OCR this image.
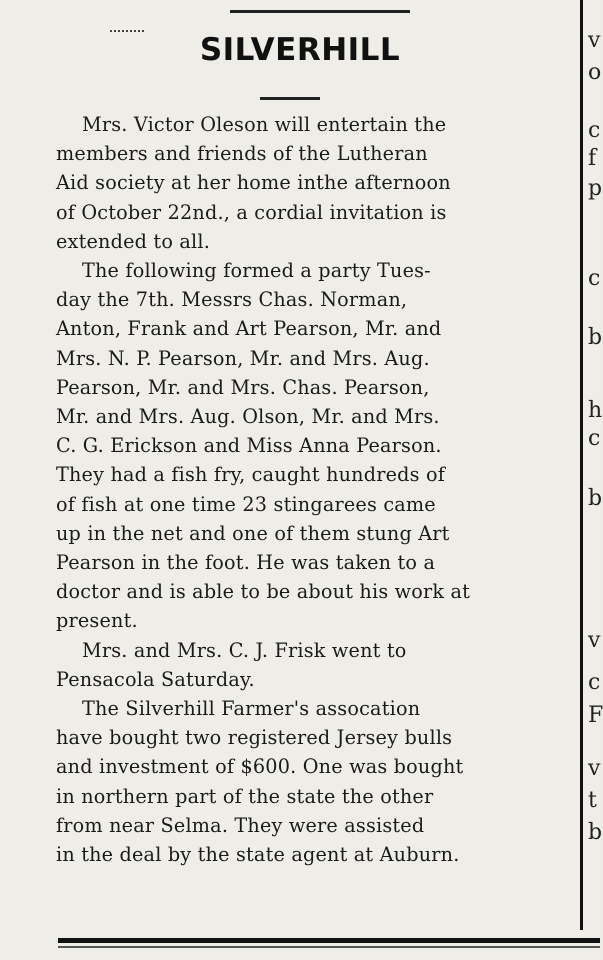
SILVERHILL

Mrs. Victor Oleson will entertain the
members and friends of the Lutheran
Aid society at her home inthe afternoon
of October 22nd., a cordial invitation is
extended to all.

The following formed a party Tues-
day the 7th. Messrs Chas. Norman,
Anton, Frank and Art Pearson, Mr. and
Mrs. N. P. Pearson, Mr. and Mrs. Aug.
Pearson, Mr. and Mrs. Chas. Pearson,
Mr. and Mrs. Aug. Olson, Mr. and Mrs.
C. G. Erickson and Miss Anna Pearson.
They had a fish fry, caught hundreds of
of fish at one time 23 stingarees came
up in the net and one of them stung Art
Pearson in the foot. He was taken to a
doctor and is able to be about his work at
present.

Mrs. and Mrs. C. J. Frisk went to
Pensacola Saturday.

The Silverhill Farmer's assocation
have bought two registered Jersey bulls
and investment of $600. One was bought
in northern part of the state the other
from near Selma. They were assisted
in the deal by the state agent at Auburn.

v
o
c
f
p
c
b
h
c
b
v
c
F
v
t
b
